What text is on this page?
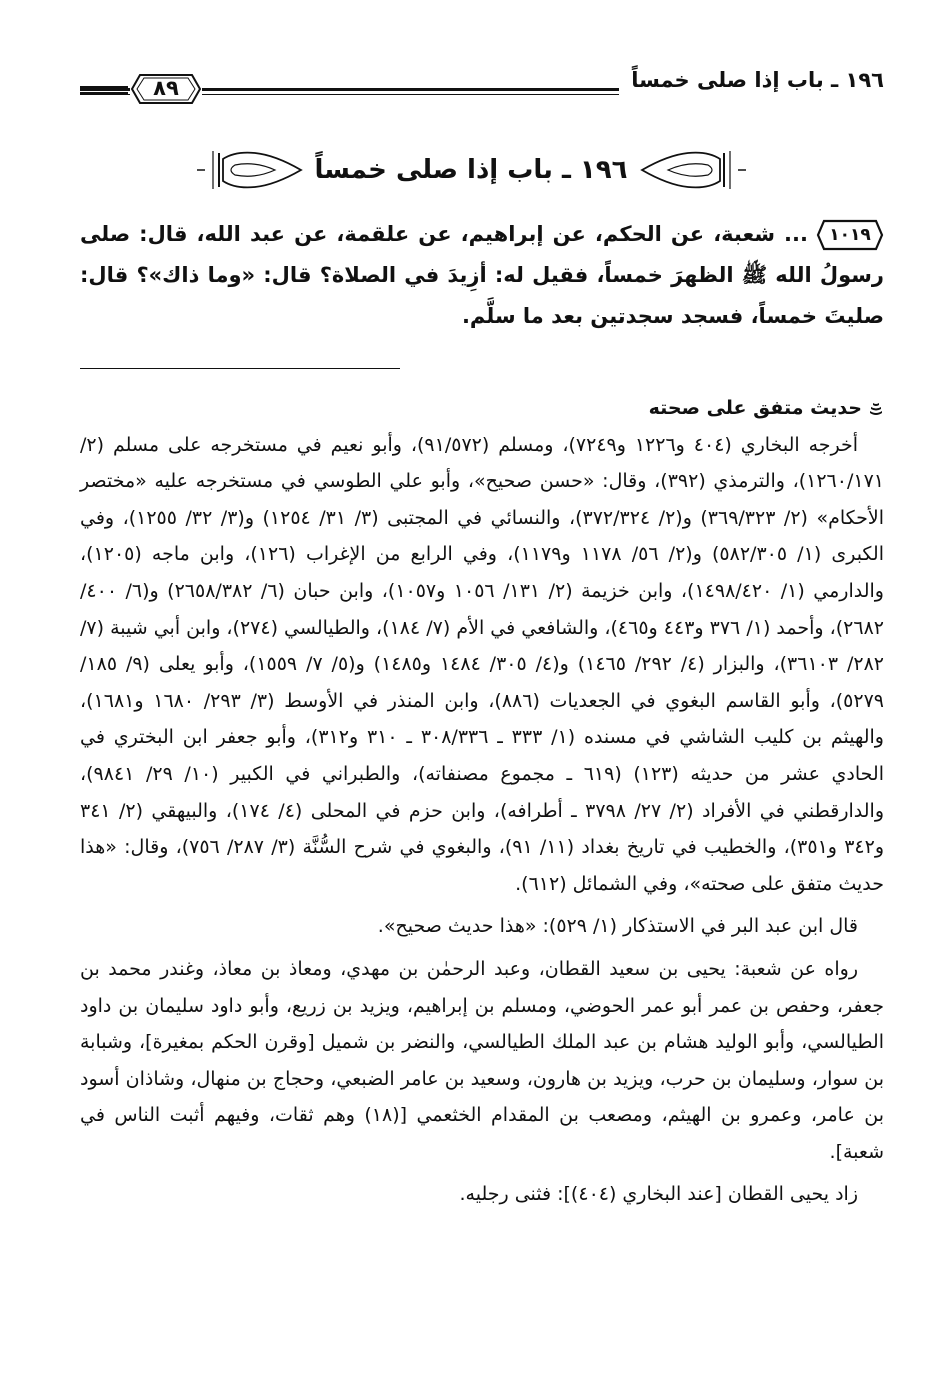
١٩٦ ـ باب إذا صلى خمساً
٨٩
١٩٦ ـ باب إذا صلى خمساً
١٠١٩
... شعبة، عن الحكم، عن إبراهيم، عن علقمة، عن عبد الله، قال: صلى رسولُ الله ﷺ الظهرَ خمساً، فقيل له: أزِيدَ في الصلاة؟ قال: «وما ذاك»؟ قال: صليتَ خمساً، فسجد سجدتين بعد ما سلَّم.

حديث متفق على صحته

أخرجه البخاري (٤٠٤ و١٢٢٦ و٧٢٤٩)، ومسلم (٩١/٥٧٢)، وأبو نعيم في مستخرجه على مسلم (٢/ ١٢٦٠/١٧١)، والترمذي (٣٩٢)، وقال: «حسن صحيح»، وأبو علي الطوسي في مستخرجه عليه «مختصر الأحكام» (٢/ ٣٦٩/٣٢٣) و(٢/ ٣٧٢/٣٢٤)، والنسائي في المجتبى (٣/ ٣١/ ١٢٥٤) و(٣/ ٣٢/ ١٢٥٥)، وفي الكبرى (١/ ٥٨٢/٣٠٥) و(٢/ ٥٦/ ١١٧٨ و١١٧٩)، وفي الرابع من الإغراب (١٢٦)، وابن ماجه (١٢٠٥)، والدارمي (١/ ١٤٩٨/٤٢٠)، وابن خزيمة (٢/ ١٣١/ ١٠٥٦ و١٠٥٧)، وابن حبان (٦/ ٢٦٥٨/٣٨٢) و(٦/ ٤٠٠/ ٢٦٨٢)، وأحمد (١/ ٣٧٦ و٤٤٣ و٤٦٥)، والشافعي في الأم (٧/ ١٨٤)، والطيالسي (٢٧٤)، وابن أبي شيبة (٧/ ٢٨٢/ ٣٦١٠٣)، والبزار (٤/ ٢٩٢/ ١٤٦٥) و(٤/ ٣٠٥/ ١٤٨٤ و١٤٨٥) و(٥/ ٧/ ١٥٥٩)، وأبو يعلى (٩/ ١٨٥/ ٥٢٧٩)، وأبو القاسم البغوي في الجعديات (٨٨٦)، وابن المنذر في الأوسط (٣/ ٢٩٣/ ١٦٨٠ و١٦٨١)، والهيثم بن كليب الشاشي في مسنده (١/ ٣٣٣ ـ ٣٠٨/٣٣٦ ـ ٣١٠ و٣١٢)، وأبو جعفر ابن البختري في الحادي عشر من حديثه (١٢٣) (٦١٩ ـ مجموع مصنفاته)، والطبراني في الكبير (١٠/ ٢٩/ ٩٨٤١)، والدارقطني في الأفراد (٢/ ٢٧/ ٣٧٩٨ ـ أطرافه)، وابن حزم في المحلى (٤/ ١٧٤)، والبيهقي (٢/ ٣٤١ و٣٤٢ و٣٥١)، والخطيب في تاريخ بغداد (١١/ ٩١)، والبغوي في شرح السُّنَّة (٣/ ٢٨٧/ ٧٥٦)، وقال: «هذا حديث متفق على صحته»، وفي الشمائل (٦١٢).

قال ابن عبد البر في الاستذكار (١/ ٥٢٩): «هذا حديث صحيح».

رواه عن شعبة: يحيى بن سعيد القطان، وعبد الرحمٰن بن مهدي، ومعاذ بن معاذ، وغندر محمد بن جعفر، وحفص بن عمر أبو عمر الحوضي، ومسلم بن إبراهيم، ويزيد بن زريع، وأبو داود سليمان بن داود الطيالسي، وأبو الوليد هشام بن عبد الملك الطيالسي، والنضر بن شميل [وقرن الحكم بمغيرة]، وشبابة بن سوار، وسليمان بن حرب، ويزيد بن هارون، وسعيد بن عامر الضبعي، وحجاج بن منهال، وشاذان أسود بن عامر، وعمرو بن الهيثم، ومصعب بن المقدام الخثعمي [(١٨) وهم ثقات، وفيهم أثبت الناس في شعبة].

زاد يحيى القطان [عند البخاري (٤٠٤)]: فثنى رجليه.
